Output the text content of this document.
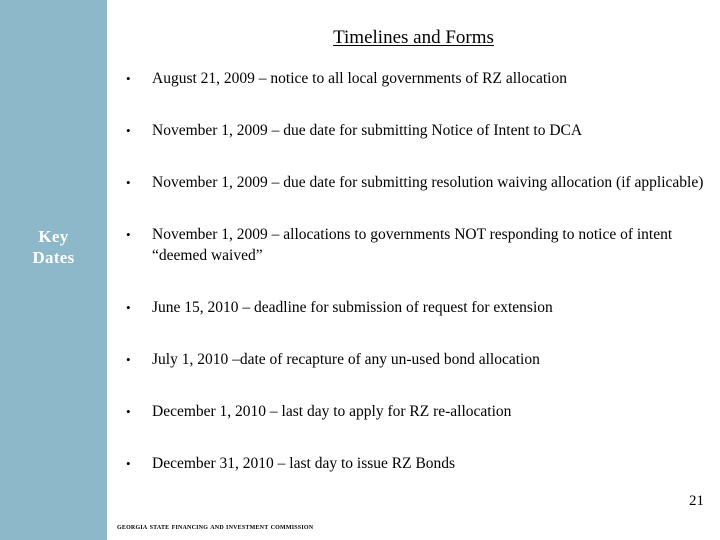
Key
Dates
Timelines and Forms
• August 21, 2009 – notice to all local governments of RZ allocation
• November 1, 2009 – due date for submitting Notice of Intent to DCA
• November 1, 2009 – due date for submitting resolution waiving allocation (if applicable)
• November 1, 2009 – allocations to governments NOT responding to notice of intent “deemed waived”
• June 15, 2010 – deadline for submission of request for extension
• July 1, 2010 –date of recapture of any un-used bond allocation
• December 1, 2010 – last day to apply for RZ re-allocation
• December 31, 2010 – last day to issue RZ Bonds
21
georgia state financing and investment commission
